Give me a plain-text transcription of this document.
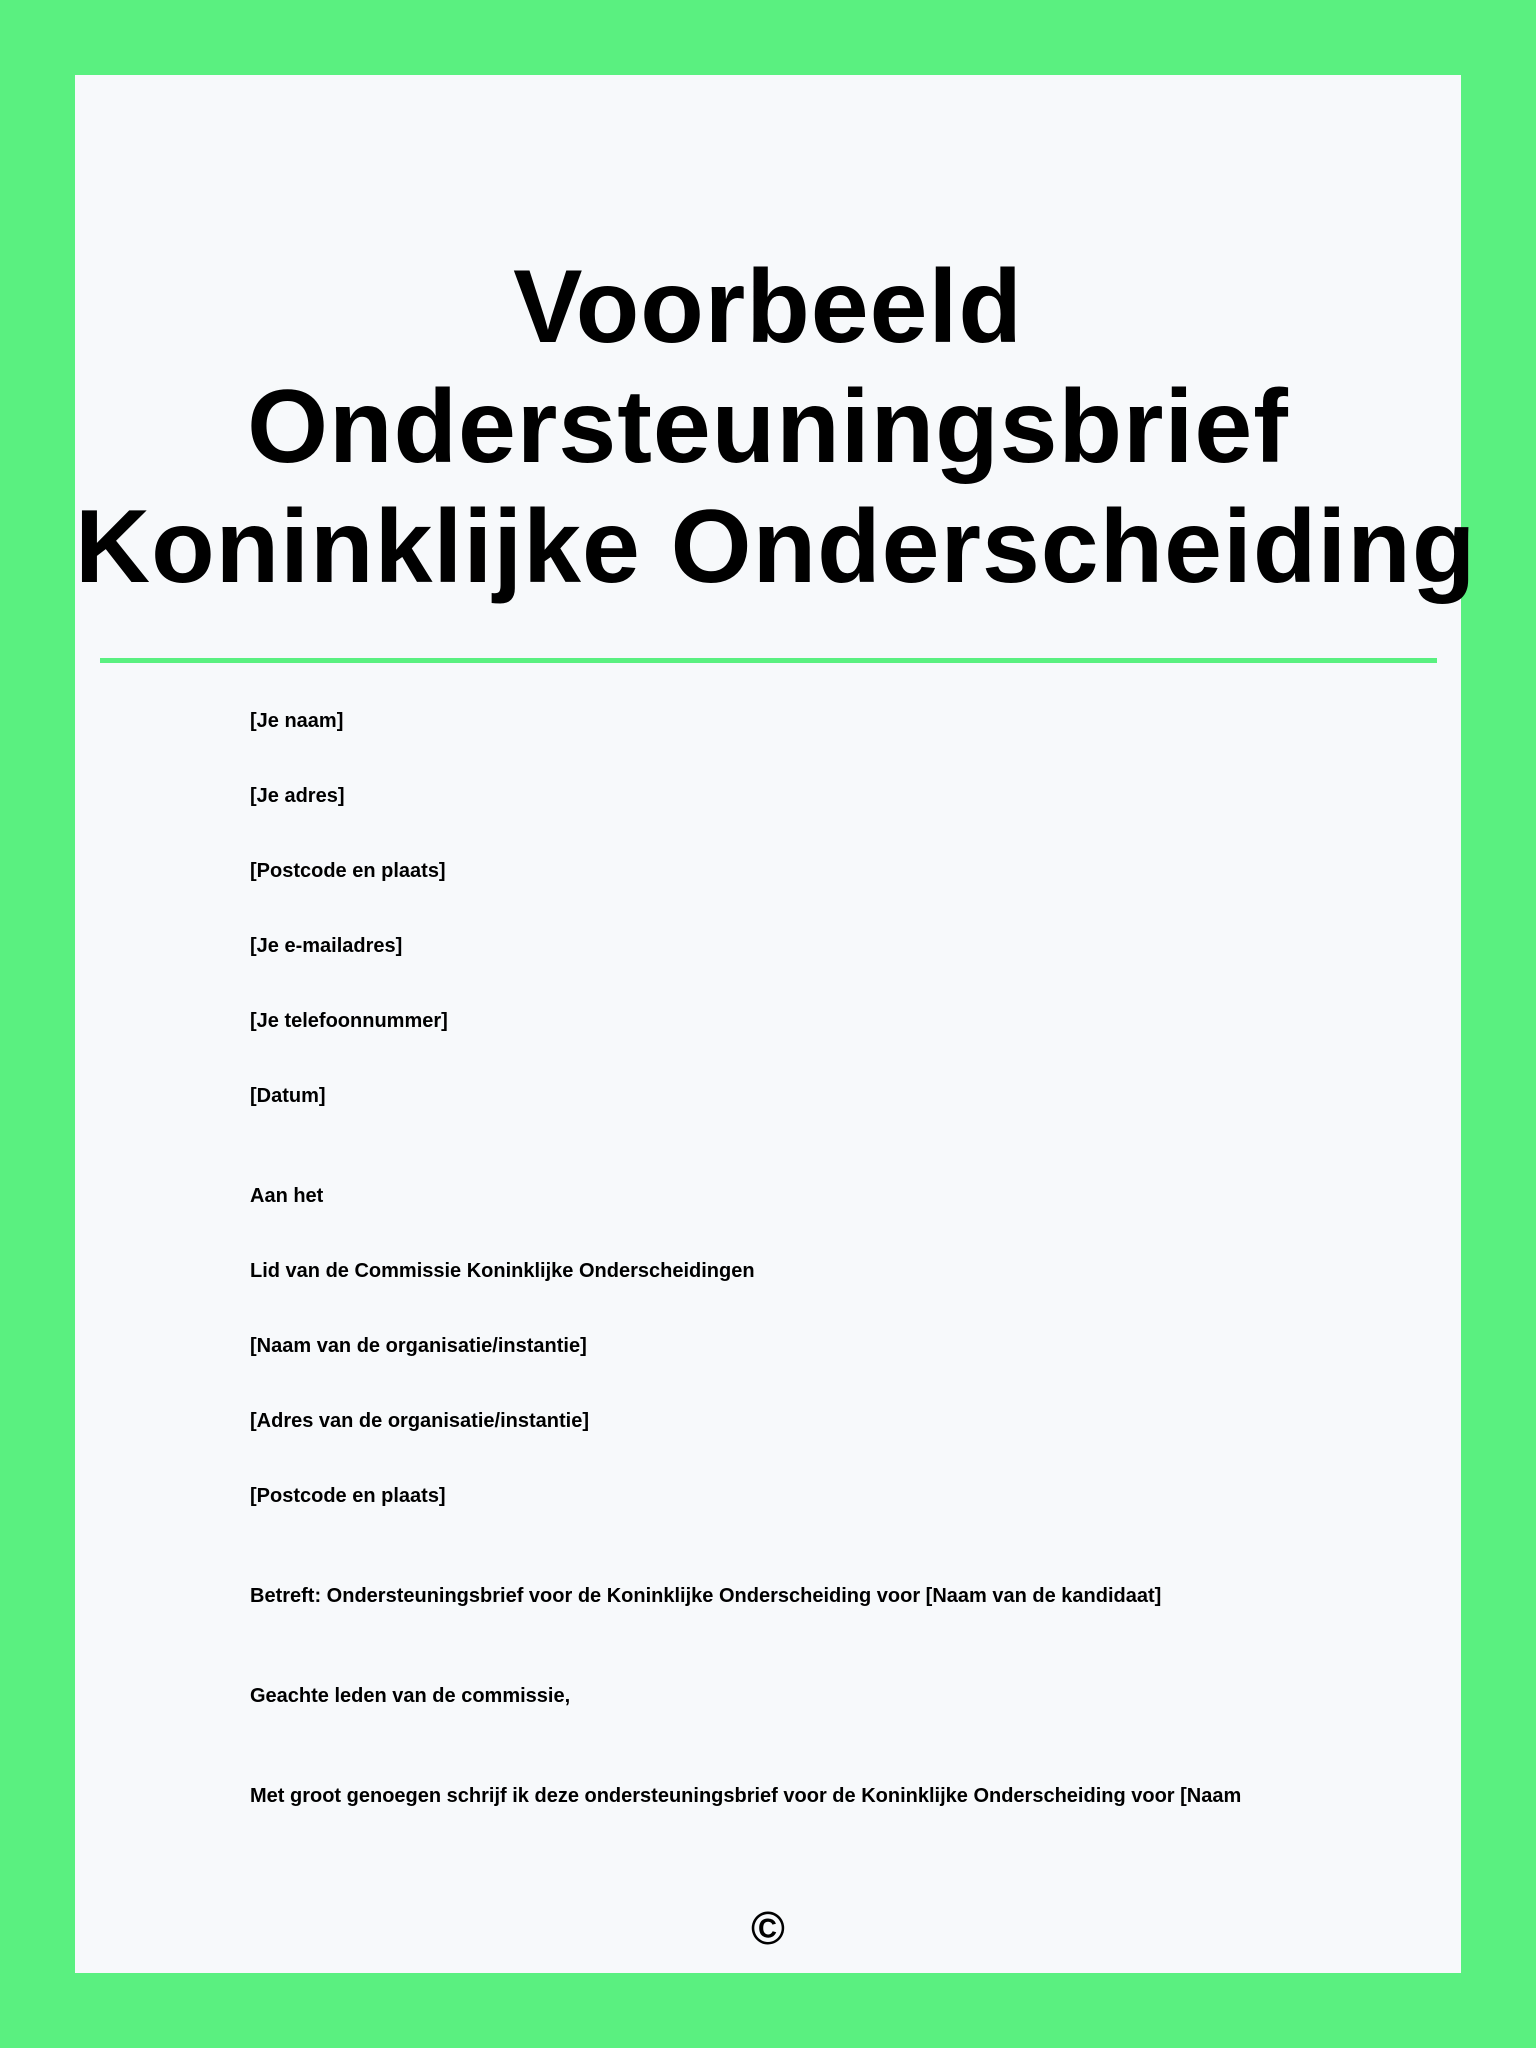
Voorbeeld
Ondersteuningsbrief
Koninklijke Onderscheiding
[Je naam]
[Je adres]
[Postcode en plaats]
[Je e-mailadres]
[Je telefoonnummer]
[Datum]
Aan het
Lid van de Commissie Koninklijke Onderscheidingen
[Naam van de organisatie/instantie]
[Adres van de organisatie/instantie]
[Postcode en plaats]
Betreft: Ondersteuningsbrief voor de Koninklijke Onderscheiding voor [Naam van de kandidaat]
Geachte leden van de commissie,
Met groot genoegen schrijf ik deze ondersteuningsbrief voor de Koninklijke Onderscheiding voor [Naam
©
